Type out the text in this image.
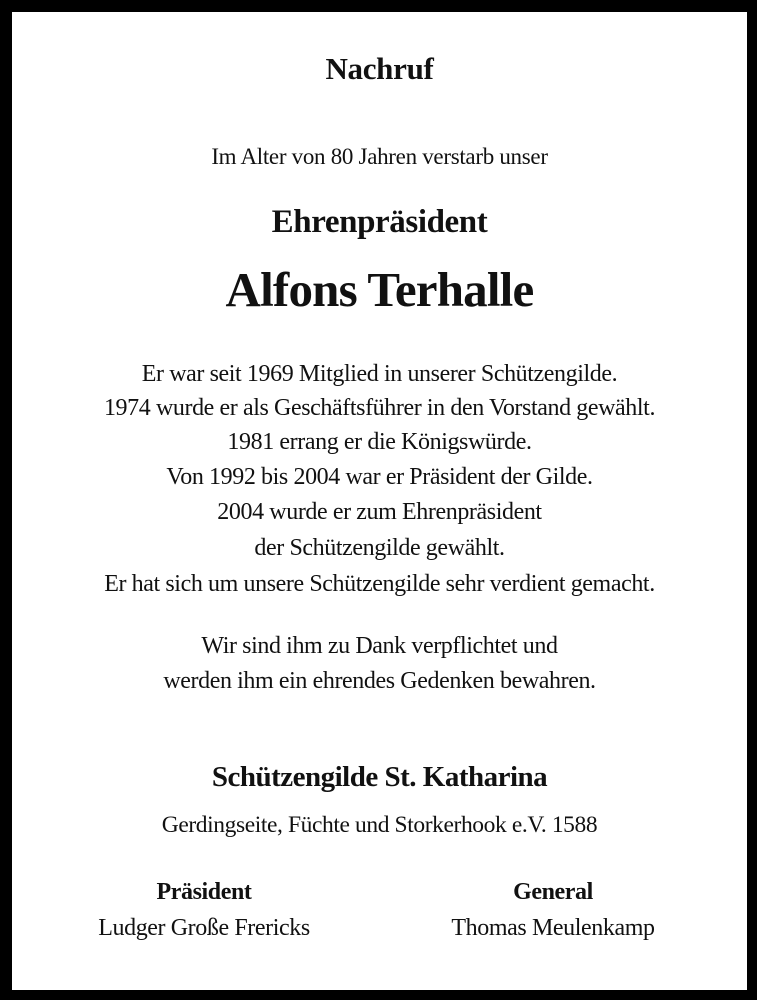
Nachruf
Im Alter von 80 Jahren verstarb unser
Ehrenpräsident
Alfons Terhalle
Er war seit 1969 Mitglied in unserer Schützengilde.
1974 wurde er als Geschäftsführer in den Vorstand gewählt.
1981 errang er die Königswürde.
Von 1992 bis 2004 war er Präsident der Gilde.
2004 wurde er zum Ehrenpräsident
der Schützengilde gewählt.
Er hat sich um unsere Schützengilde sehr verdient gemacht.
Wir sind ihm zu Dank verpflichtet und
werden ihm ein ehrendes Gedenken bewahren.
Schützengilde St. Katharina
Gerdingseite, Füchte und Storkerhook e.V. 1588
Präsident
Ludger Große Frericks
General
Thomas Meulenkamp
